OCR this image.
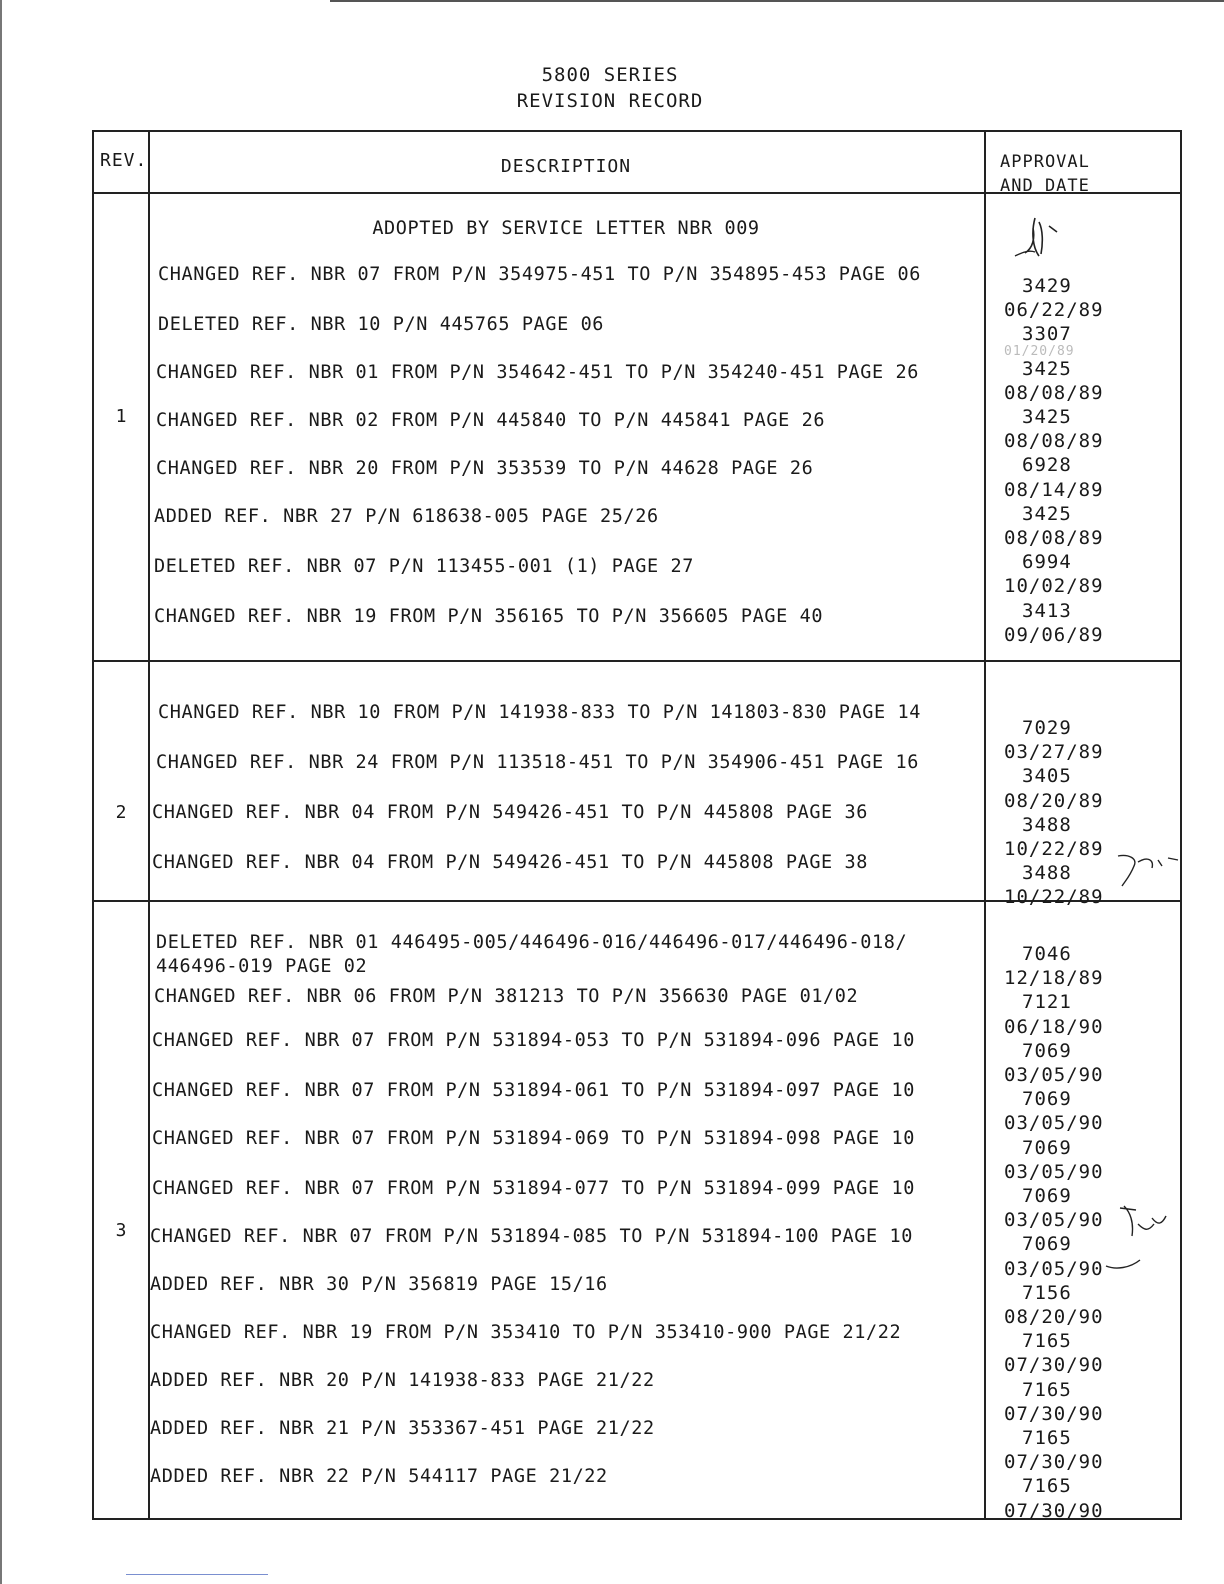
5800 SERIES
REVISION RECORD
REV.	DESCRIPTION	APPROVAL
AND DATE
1
ADOPTED BY SERVICE LETTER NBR 009
CHANGED REF. NBR 07 FROM P/N 354975-451 TO P/N 354895-453 PAGE 06
DELETED REF. NBR 10 P/N 445765 PAGE 06
CHANGED REF. NBR 01 FROM P/N 354642-451 TO P/N 354240-451 PAGE 26
CHANGED REF. NBR 02 FROM P/N 445840 TO P/N 445841 PAGE 26
CHANGED REF. NBR 20 FROM P/N 353539 TO P/N 44628 PAGE 26
ADDED REF. NBR 27 P/N 618638-005 PAGE 25/26
DELETED REF. NBR 07 P/N 113455-001 (1) PAGE 27
CHANGED REF. NBR 19 FROM P/N 356165 TO P/N 356605 PAGE 40
3429
06/22/89
3307
01/20/89
3425
08/08/89
3425
08/08/89
6928
08/14/89
3425
08/08/89
6994
10/02/89
3413
09/06/89
2
CHANGED REF. NBR 10 FROM P/N 141938-833 TO P/N 141803-830 PAGE 14
CHANGED REF. NBR 24 FROM P/N 113518-451 TO P/N 354906-451 PAGE 16
CHANGED REF. NBR 04 FROM P/N 549426-451 TO P/N 445808 PAGE 36
CHANGED REF. NBR 04 FROM P/N 549426-451 TO P/N 445808 PAGE 38
7029
03/27/89
3405
08/20/89
3488
10/22/89
3488
10/22/89
3
DELETED REF. NBR 01 446495-005/446496-016/446496-017/446496-018/
446496-019 PAGE 02
CHANGED REF. NBR 06 FROM P/N 381213 TO P/N 356630 PAGE 01/02
CHANGED REF. NBR 07 FROM P/N 531894-053 TO P/N 531894-096 PAGE 10
CHANGED REF. NBR 07 FROM P/N 531894-061 TO P/N 531894-097 PAGE 10
CHANGED REF. NBR 07 FROM P/N 531894-069 TO P/N 531894-098 PAGE 10
CHANGED REF. NBR 07 FROM P/N 531894-077 TO P/N 531894-099 PAGE 10
CHANGED REF. NBR 07 FROM P/N 531894-085 TO P/N 531894-100 PAGE 10
ADDED REF. NBR 30 P/N 356819 PAGE 15/16
CHANGED REF. NBR 19 FROM P/N 353410 TO P/N 353410-900 PAGE 21/22
ADDED REF. NBR 20 P/N 141938-833 PAGE 21/22
ADDED REF. NBR 21 P/N 353367-451 PAGE 21/22
ADDED REF. NBR 22 P/N 544117 PAGE 21/22
7046
12/18/89
7121
06/18/90
7069
03/05/90
7069
03/05/90
7069
03/05/90
7069
03/05/90
7069
03/05/90
7156
08/20/90
7165
07/30/90
7165
07/30/90
7165
07/30/90
7165
07/30/90
